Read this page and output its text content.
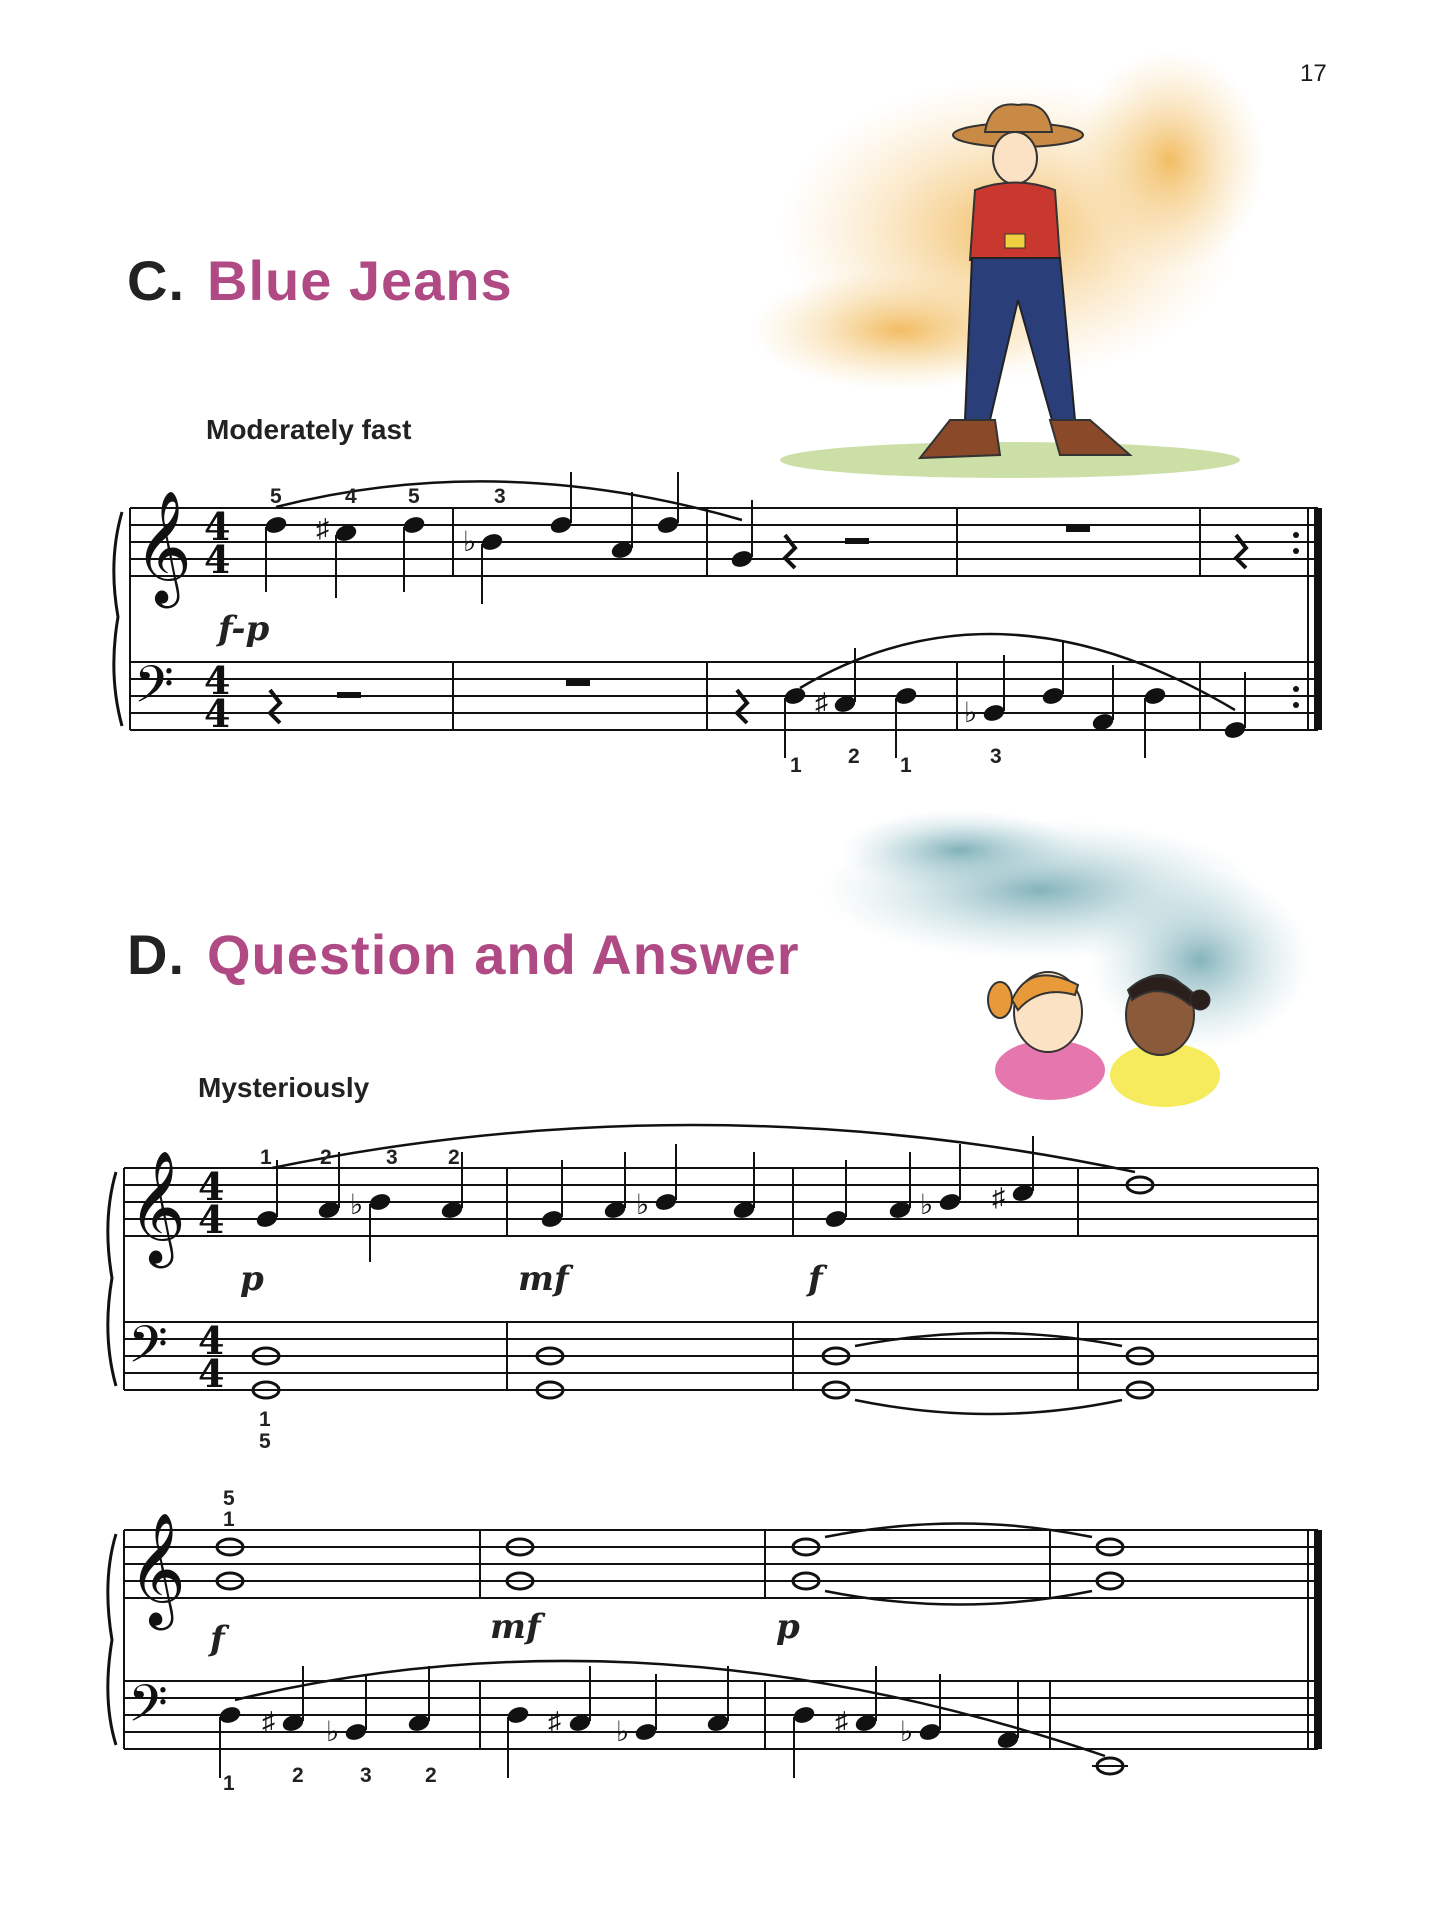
17
C. Blue Jeans
Moderately fast
D. Question and Answer
Mysteriously
𝄞
𝄢
4
4
4
4
♯	♭
♯	♭
f-p
5	4 5	3
1 2 1	3
𝄞
𝄢
4
4
4
4
♭	♭	♭ ♯
p	mf	f
1 2	3 2
1
5
𝄞
𝄢	♯ ♭	♯ ♭	♯ ♭
f	mf	p
5
1
1	2	3	2
